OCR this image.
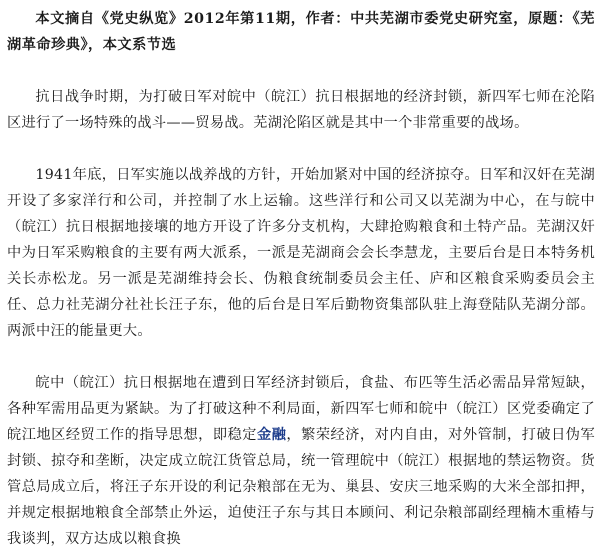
本文摘自《党史纵览》2012年第11期，作者：中共芜湖市委党史研究室，原题：《芜湖革命珍典》，本文系节选

抗日战争时期，为打破日军对皖中（皖江）抗日根据地的经济封锁，新四军七师在沦陷区进行了一场特殊的战斗——贸易战。芜湖沦陷区就是其中一个非常重要的战场。

1941年底，日军实施以战养战的方针，开始加紧对中国的经济掠夺。日军和汉奸在芜湖开设了多家洋行和公司，并控制了水上运输。这些洋行和公司又以芜湖为中心，在与皖中（皖江）抗日根据地接壤的地方开设了许多分支机构，大肆抢购粮食和土特产品。芜湖汉奸中为日军采购粮食的主要有两大派系，一派是芜湖商会会长李慧龙，主要后台是日本特务机关长赤松龙。另一派是芜湖维持会长、伪粮食统制委员会主任、庐和区粮食采购委员会主任、总力社芜湖分社社长汪子东，他的后台是日军后勤物资集部队驻上海登陆队芜湖分部。两派中汪的能量更大。

皖中（皖江）抗日根据地在遭到日军经济封锁后，食盐、布匹等生活必需品异常短缺，各种军需用品更为紧缺。为了打破这种不利局面，新四军七师和皖中（皖江）区党委确定了皖江地区经贸工作的指导思想，即稳定金融，繁荣经济，对内自由，对外管制，打破日伪军封锁、掠夺和垄断，决定成立皖江货管总局，统一管理皖中（皖江）根据地的禁运物资。货管总局成立后，将汪子东开设的利记杂粮部在无为、巢县、安庆三地采购的大米全部扣押，并规定根据地粮食全部禁止外运，迫使汪子东与其日本顾问、利记杂粮部副经理楠木重椿与我谈判，双方达成以粮食换
